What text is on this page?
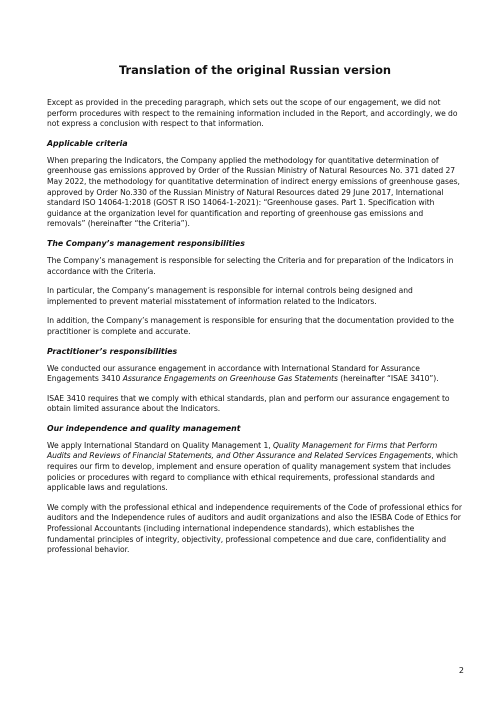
Translation of the original Russian version

Except as provided in the preceding paragraph, which sets out the scope of our engagement, we did not perform procedures with respect to the remaining information included in the Report, and accordingly, we do not express a conclusion with respect to that information.

Applicable criteria

When preparing the Indicators, the Company applied the methodology for quantitative determination of greenhouse gas emissions approved by Order of the Russian Ministry of Natural Resources No. 371 dated 27 May 2022, the methodology for quantitative determination of indirect energy emissions of greenhouse gases, approved by Order No.330 of the Russian Ministry of Natural Resources dated 29 June 2017, International standard ISO 14064-1:2018 (GOST R ISO 14064-1-2021): “Greenhouse gases. Part 1. Specification with guidance at the organization level for quantification and reporting of greenhouse gas emissions and removals” (hereinafter “the Criteria”).

The Company’s management responsibilities

The Company’s management is responsible for selecting the Criteria and for preparation of the Indicators in accordance with the Criteria.

In particular, the Company’s management is responsible for internal controls being designed and implemented to prevent material misstatement of information related to the Indicators.

In addition, the Company’s management is responsible for ensuring that the documentation provided to the practitioner is complete and accurate.

Practitioner’s responsibilities

We conducted our assurance engagement in accordance with International Standard for Assurance Engagements 3410 Assurance Engagements on Greenhouse Gas Statements (hereinafter “ISAE 3410”).

ISAE 3410 requires that we comply with ethical standards, plan and perform our assurance engagement to obtain limited assurance about the Indicators.

Our independence and quality management

We apply International Standard on Quality Management 1, Quality Management for Firms that Perform Audits and Reviews of Financial Statements, and Other Assurance and Related Services Engagements, which requires our firm to develop, implement and ensure operation of quality management system that includes policies or procedures with regard to compliance with ethical requirements, professional standards and applicable laws and regulations.

We comply with the professional ethical and independence requirements of the Code of professional ethics for auditors and the Independence rules of auditors and audit organizations and also the IESBA Code of Ethics for Professional Accountants (including international independence standards), which establishes the fundamental principles of integrity, objectivity, professional competence and due care, confidentiality and professional behavior.

2
